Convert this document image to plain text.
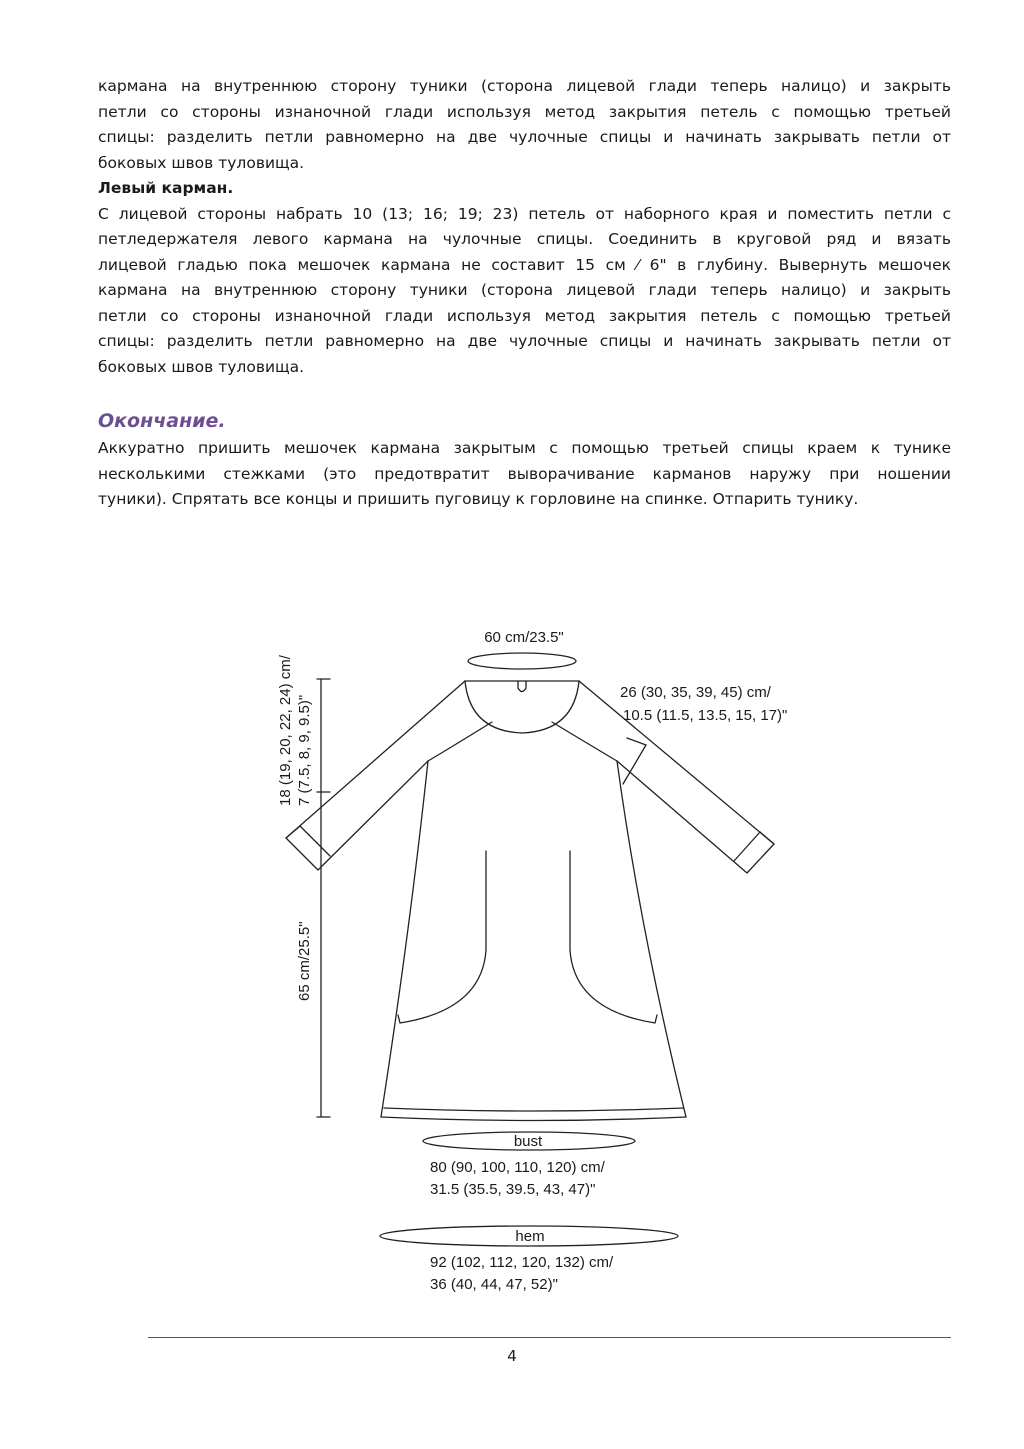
кармана на внутреннюю сторону туники (сторона лицевой глади теперь налицо) и закрыть
петли со стороны изнаночной глади используя метод закрытия петель с помощью третьей
спицы: разделить петли равномерно на две чулочные спицы и начинать закрывать петли от
боковых швов туловища.

Левый карман.

С лицевой стороны набрать 10 (13; 16; 19; 23) петель от наборного края и поместить петли с
петледержателя левого кармана на чулочные спицы. Соединить в круговой ряд и вязать
лицевой гладью пока мешочек кармана не составит 15 см ⁄ 6" в глубину. Вывернуть мешочек
кармана на внутреннюю сторону туники (сторона лицевой глади теперь налицо) и закрыть
петли со стороны изнаночной глади используя метод закрытия петель с помощью третьей
спицы: разделить петли равномерно на две чулочные спицы и начинать закрывать петли от
боковых швов туловища.

Окончание.

Аккуратно пришить мешочек кармана закрытым с помощью третьей спицы краем к тунике
несколькими стежками (это предотвратит выворачивание карманов наружу при ношении
туники). Спрятать все концы и пришить пуговицу к горловине на спинке. Отпарить тунику.

60 cm/23.5"
26 (30, 35, 39, 45) cm/
10.5 (11.5, 13.5, 15, 17)"
18 (19, 20, 22, 24) cm/ 7 (7.5, 8, 9, 9.5)"
65 cm/25.5"
bust
80 (90, 100, 110, 120) cm/
31.5 (35.5, 39.5, 43, 47)"
hem
92 (102, 112, 120, 132) cm/
36 (40, 44, 47, 52)"
4
